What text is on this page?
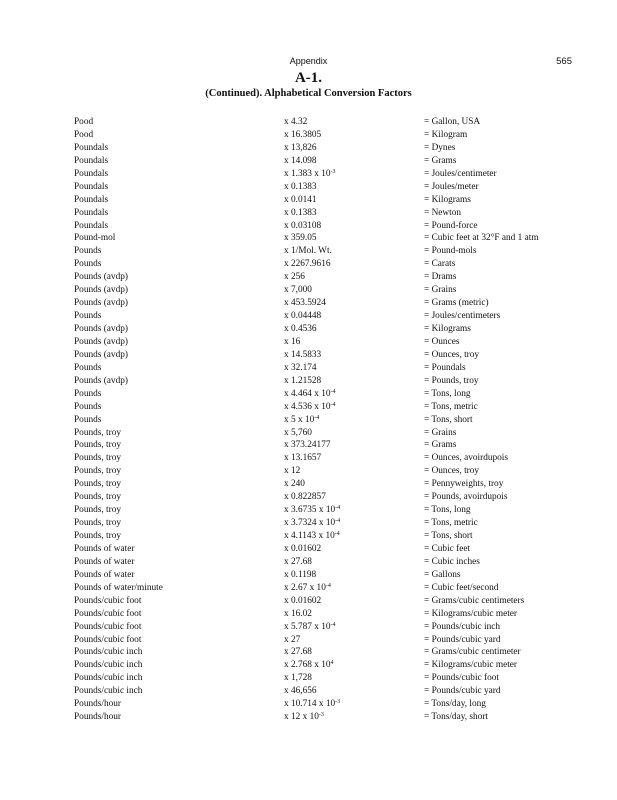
Appendix	565
A-1.
(Continued). Alphabetical Conversion Factors
Pood	x 4.32	= Gallon, USA
Pood	x 16.3805	= Kilogram
Poundals	x 13,826	= Dynes
Poundals	x 14.098	= Grams
Poundals	x 1.383 x $10^{-3}$	= Joules/centimeter
Poundals	x 0.1383	= Joules/meter
Poundals	x 0.0141	= Kilograms
Poundals	x 0.1383	= Newton
Poundals	x 0.03108	= Pound-force
Pound-mol	x 359.05	= Cubic feet at 32°F and 1 atm
Pounds	x 1/Mol. Wt.	= Pound-mols
Pounds	x 2267.9616	= Carats
Pounds (avdp)	x 256	= Drams
Pounds (avdp)	x 7,000	= Grains
Pounds (avdp)	x 453.5924	= Grams (metric)
Pounds	x 0.04448	= Joules/centimeters
Pounds (avdp)	x 0.4536	= Kilograms
Pounds (avdp)	x 16	= Ounces
Pounds (avdp)	x 14.5833	= Ounces, troy
Pounds	x 32.174	= Poundals
Pounds (avdp)	x 1.21528	= Pounds, troy
Pounds	x 4.464 x $10^{-4}$	= Tons, long
Pounds	x 4.536 x $10^{-4}$	= Tons, metric
Pounds	x 5 x $10^{-4}$	= Tons, short
Pounds, troy	x 5,760	= Grains
Pounds, troy	x 373.24177	= Grams
Pounds, troy	x 13.1657	= Ounces, avoirdupois
Pounds, troy	x 12	= Ounces, troy
Pounds, troy	x 240	= Pennyweights, troy
Pounds, troy	x 0.822857	= Pounds, avoirdupois
Pounds, troy	x 3.6735 x $10^{-4}$	= Tons, long
Pounds, troy	x 3.7324 x $10^{-4}$	= Tons, metric
Pounds, troy	x 4.1143 x $10^{-4}$	= Tons, short
Pounds of water	x 0.01602	= Cubic feet
Pounds of water	x 27.68	= Cubic inches
Pounds of water	x 0.1198	= Gallons
Pounds of water/minute	x 2.67 x $10^{-4}$	= Cubic feet/second
Pounds/cubic foot	x 0.01602	= Grams/cubic centimeters
Pounds/cubic foot	x 16.02	= Kilograms/cubic meter
Pounds/cubic foot	x 5.787 x $10^{-4}$	= Pounds/cubic inch
Pounds/cubic foot	x 27	= Pounds/cubic yard
Pounds/cubic inch	x 27.68	= Grams/cubic centimeter
Pounds/cubic inch	x 2.768 x $10^4$	= Kilograms/cubic meter
Pounds/cubic inch	x 1,728	= Pounds/cubic foot
Pounds/cubic inch	x 46,656	= Pounds/cubic yard
Pounds/hour	x 10.714 x $10^{-3}$	= Tons/day, long
Pounds/hour	x 12 x $10^{-3}$	= Tons/day, short
